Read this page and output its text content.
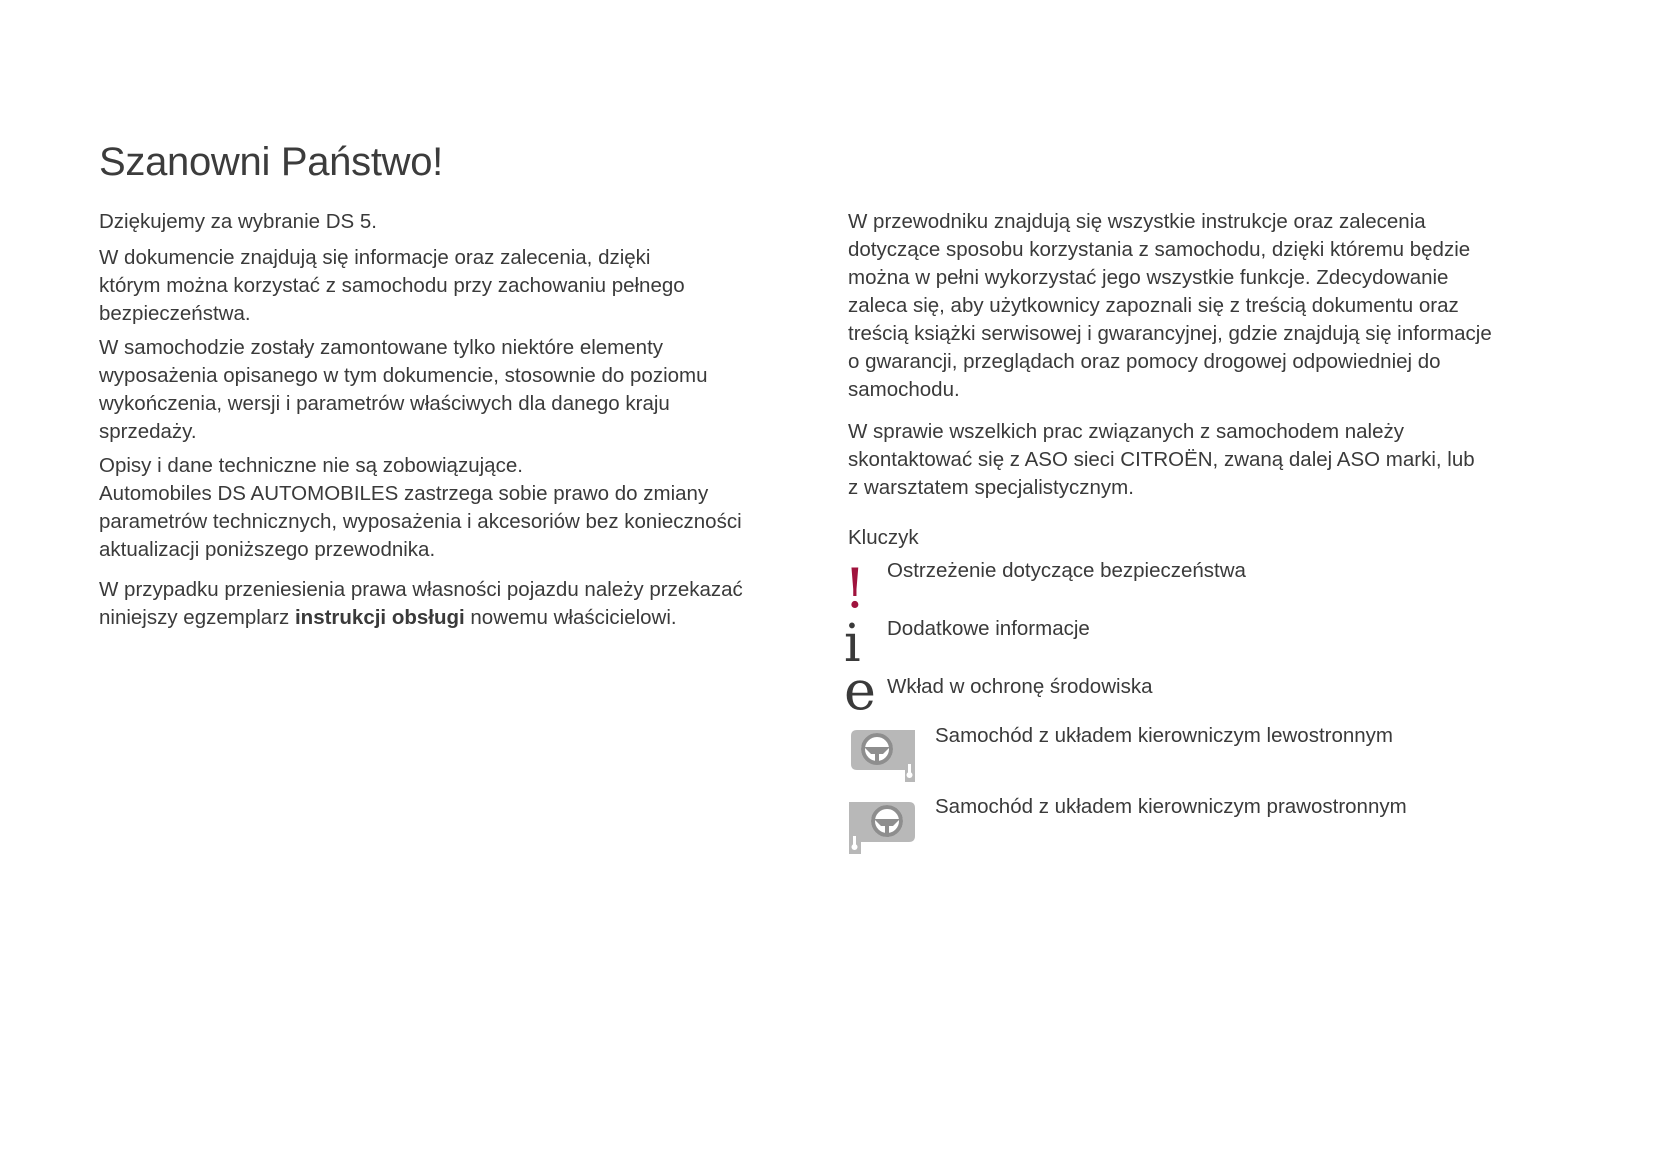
Szanowni Państwo!

Dziękujemy za wybranie DS 5.

W dokumencie znajdują się informacje oraz zalecenia, dzięki
którym można korzystać z samochodu przy zachowaniu pełnego
bezpieczeństwa.

W samochodzie zostały zamontowane tylko niektóre elementy
wyposażenia opisanego w tym dokumencie, stosownie do poziomu
wykończenia, wersji i parametrów właściwych dla danego kraju
sprzedaży.

Opisy i dane techniczne nie są zobowiązujące.
Automobiles DS AUTOMOBILES zastrzega sobie prawo do zmiany
parametrów technicznych, wyposażenia i akcesoriów bez konieczności
aktualizacji poniższego przewodnika.

W przypadku przeniesienia prawa własności pojazdu należy przekazać
niniejszy egzemplarz instrukcji obsługi nowemu właścicielowi.

W przewodniku znajdują się wszystkie instrukcje oraz zalecenia
dotyczące sposobu korzystania z samochodu, dzięki któremu będzie
można w pełni wykorzystać jego wszystkie funkcje. Zdecydowanie
zaleca się, aby użytkownicy zapoznali się z treścią dokumentu oraz
treścią książki serwisowej i gwarancyjnej, gdzie znajdują się informacje
o gwarancji, przeglądach oraz pomocy drogowej odpowiedniej do
samochodu.

W sprawie wszelkich prac związanych z samochodem należy
skontaktować się z ASO sieci CITROËN, zwaną dalej ASO marki, lub
z warsztatem specjalistycznym.

Kluczyk

! Ostrzeżenie dotyczące bezpieczeństwa
i Dodatkowe informacje
e Wkład w ochronę środowiska
Samochód z układem kierowniczym lewostronnym
Samochód z układem kierowniczym prawostronnym
